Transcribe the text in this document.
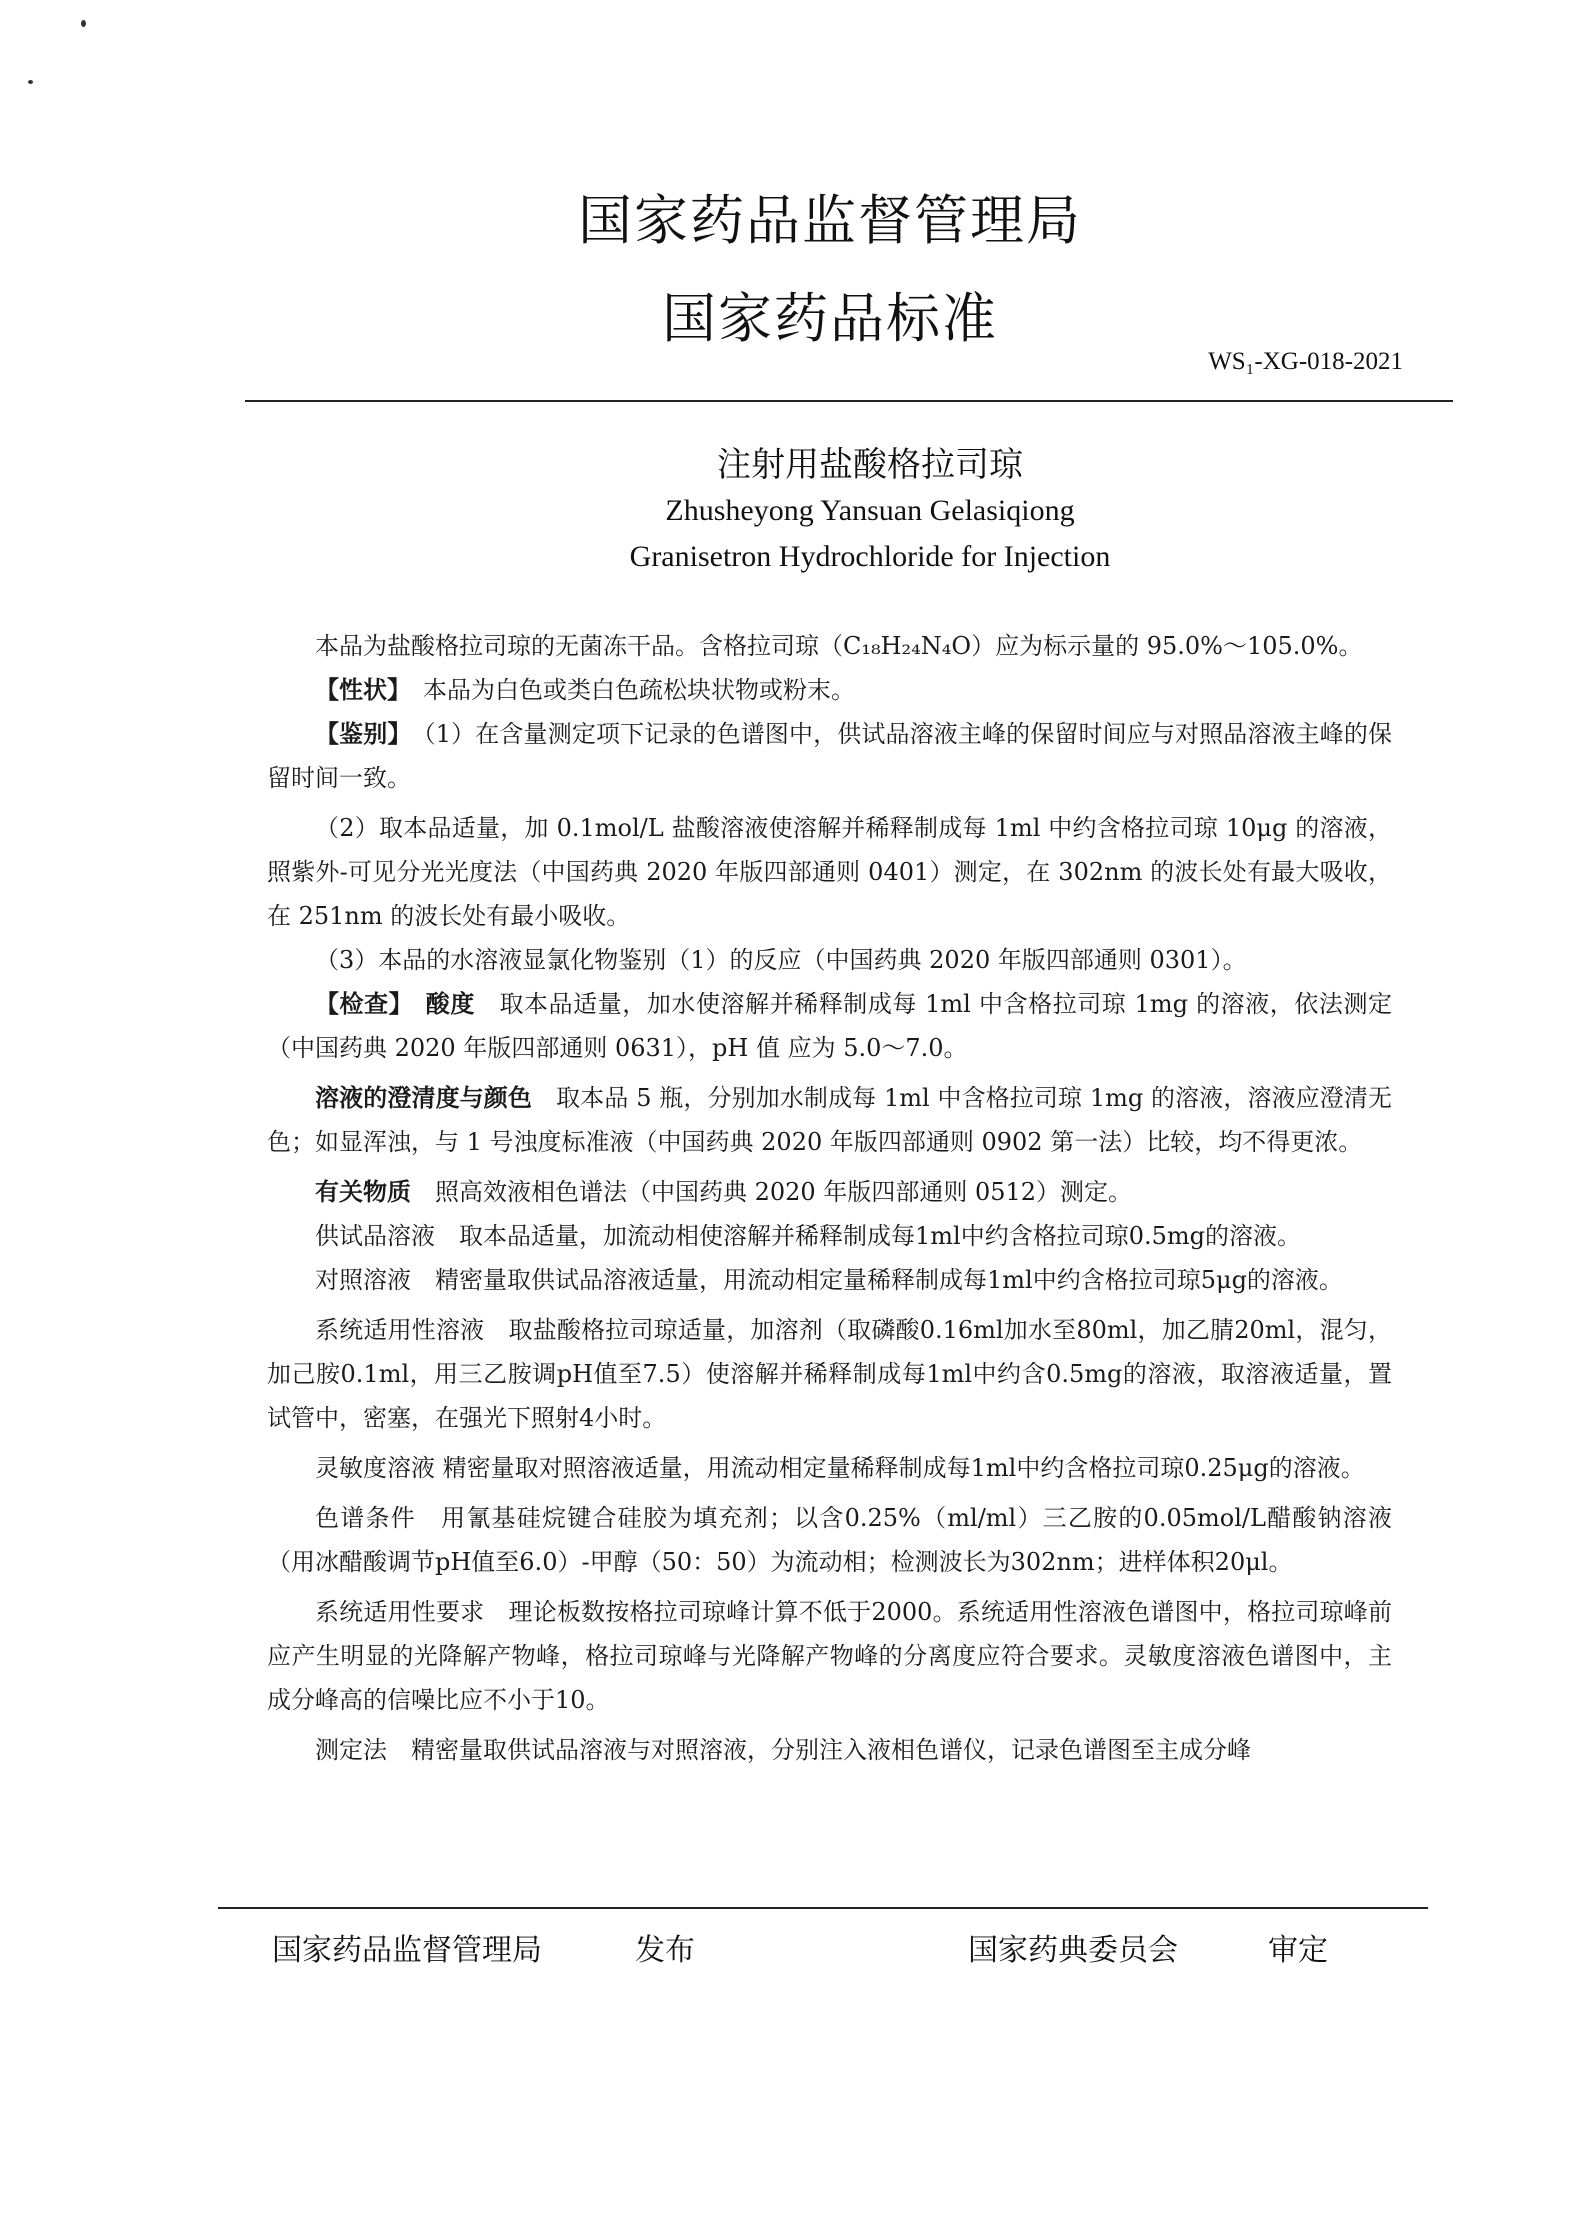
国家药品监督管理局
国家药品标准
WS₁-XG-018-2021
注射用盐酸格拉司琼
Zhusheyong Yansuan Gelasiqiong
Granisetron Hydrochloride for Injection

本品为盐酸格拉司琼的无菌冻干品。含格拉司琼（C₁₈H₂₄N₄O）应为标示量的 95.0%～105.0%。

【性状】　 本品为白色或类白色疏松块状物或粉末。

【鉴别】　 （1）在含量测定项下记录的色谱图中，供试品溶液主峰的保留时间应与对照品溶液主峰的保留时间一致。

（2）取本品适量，加 0.1mol/L 盐酸溶液使溶解并稀释制成每 1ml 中约含格拉司琼 10μg 的溶液，照紫外-可见分光光度法（中国药典 2020 年版四部通则 0401）测定，在 302nm 的波长处有最大吸收，在 251nm 的波长处有最小吸收。

（3）本品的水溶液显氯化物鉴别（1）的反应（中国药典 2020 年版四部通则 0301）。

【检查】　 酸度　 取本品适量，加水使溶解并稀释制成每 1ml 中含格拉司琼 1mg 的溶液，依法测定（中国药典 2020 年版四部通则 0631），pH 值 应为 5.0～7.0。

溶液的澄清度与颜色　 取本品 5 瓶，分别加水制成每 1ml 中含格拉司琼 1mg 的溶液，溶液应澄清无色；如显浑浊，与 1 号浊度标准液（中国药典 2020 年版四部通则 0902 第一法）比较，均不得更浓。

有关物质　 照高效液相色谱法（中国药典 2020 年版四部通则 0512）测定。

供试品溶液　取本品适量，加流动相使溶解并稀释制成每1ml中约含格拉司琼0.5mg的溶液。

对照溶液　精密量取供试品溶液适量，用流动相定量稀释制成每1ml中约含格拉司琼5μg的溶液。

系统适用性溶液　取盐酸格拉司琼适量，加溶剂（取磷酸0.16ml加水至80ml，加乙腈20ml，混匀，加己胺0.1ml，用三乙胺调pH值至7.5）使溶解并稀释制成每1ml中约含0.5mg的溶液，取溶液适量，置试管中，密塞，在强光下照射4小时。

灵敏度溶液 精密量取对照溶液适量，用流动相定量稀释制成每1ml中约含格拉司琼0.25μg的溶液。

色谱条件　用氰基硅烷键合硅胶为填充剂；以含0.25%（ml/ml）三乙胺的0.05mol/L醋酸钠溶液（用冰醋酸调节pH值至6.0）-甲醇（50：50）为流动相；检测波长为302nm；进样体积20μl。

系统适用性要求　理论板数按格拉司琼峰计算不低于2000。系统适用性溶液色谱图中，格拉司琼峰前应产生明显的光降解产物峰，格拉司琼峰与光降解产物峰的分离度应符合要求。灵敏度溶液色谱图中，主成分峰高的信噪比应不小于10。

测定法　精密量取供试品溶液与对照溶液，分别注入液相色谱仪，记录色谱图至主成分峰

国家药品监督管理局	发布	国家药典委员会	审定
